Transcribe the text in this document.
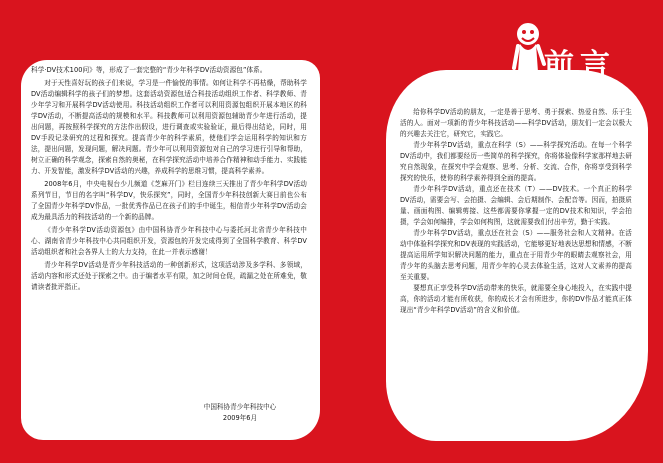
前言

科学·DV技术100问》等，形成了一套完整的“青少年科学DV活动资源包”体系。

对于天性喜好玩的孩子们来说，学习是一件愉悦的事情。如何让科学不再枯燥，帮助科学DV活动编辑科学的孩子们的梦想。这套活动资源包适合科技活动组织工作者、科学教师、青少年学习和开展科学DV活动使用。科技活动组织工作者可以利用资源包组织开展本地区的科学DV活动，不断提高活动的规模和水平。科技教师可以利用资源包辅助青少年进行活动，提出问题，再按照科学探究的方法作出假设，进行调查或实验验证，最后得出结论，同时，用DV手段记录研究的过程和探究。提高青少年的科学素质，使他们学会运用科学的知识和方法，提出问题，发现问题，解决问题。青少年可以利用资源包对自己的学习进行引导和帮助，树立正确的科学观念，探索自然的奥秘，在科学探究活动中培养合作精神和动手能力、实践能力、开发智能，激发科学DV活动的兴趣，养成科学的思维习惯，提高科学素养。

2008年6月，中央电视台少儿频道《芝麻开门》栏目连续三天推出了青少年科学DV活动系列节目，节目的名字叫“科学DV，快乐探究”，同时，全国青少年科技创新大赛日前也公布了全国青少年科学DV作品，一批优秀作品已在孩子们的手中诞生，相信青少年科学DV活动会成为最具活力的科技活动的一个新的品牌。

《青少年科学DV活动资源包》由中国科协青少年科技中心与委托河北省青少年科技中心、湖南省青少年科技中心共同组织开发，资源包的开发完成得到了全国科学教育、科学DV活动组织者和社会各界人士的大力支持，在此一并表示感谢！

青少年科学DV活动是青少年科技活动的一种创新形式，这项活动涉及多学科、多领域，活动内容和形式还处于探索之中。由于编者水平有限，加之时间仓促，疏漏之处在所难免，敬请读者批评指正。

中国科协青少年科技中心
2009年6月

给你科学DV活动的朋友，一定是善于思考、勇于探索、热爱自然、乐于生活的人。面对一项新的青少年科技活动——科学DV活动，朋友们一定会以极大的兴趣去关注它，研究它，实践它。

青少年科学DV活动，重点在科学（S）——科学探究活动。在每一个科学DV活动中，我们都要经历一些简单的科学探究，你将体验像科学家那样地去研究自然现象，在探究中学会观察、思考、分析、交流、合作，你将享受到科学探究的快乐，使你的科学素养得到全面的提高。

青少年科学DV活动，重点还在技术（T）——DV技术。一个真正的科学DV活动，需要会写、会拍摄、会编辑、会后期制作、会配音等。因而，拍摄质量、画面构图、编辑剪接、这些都需要你掌握一定的DV技术和知识，学会拍摄，学会如何编排，学会如何构图，这就需要我们付出辛劳，勤于实践。

青少年科学DV活动，重点还在社会（S）——服务社会和人文精神。在活动中体验科学探究和DV表现的实践活动，它能够更好地表达思想和情感，不断提高运用所学知识解决问题的能力，重点在于用青少年的眼睛去观察社会，用青少年的头脑去思考问题，用青少年的心灵去体验生活，这对人文素养的提高至关重要。

要想真正享受科学DV活动带来的快乐，就需要全身心地投入，在实践中提高，你的活动才能有所收获，你的成长才会有所进步，你的DV作品才能真正体现出“青少年科学DV活动”的含义和价值。
